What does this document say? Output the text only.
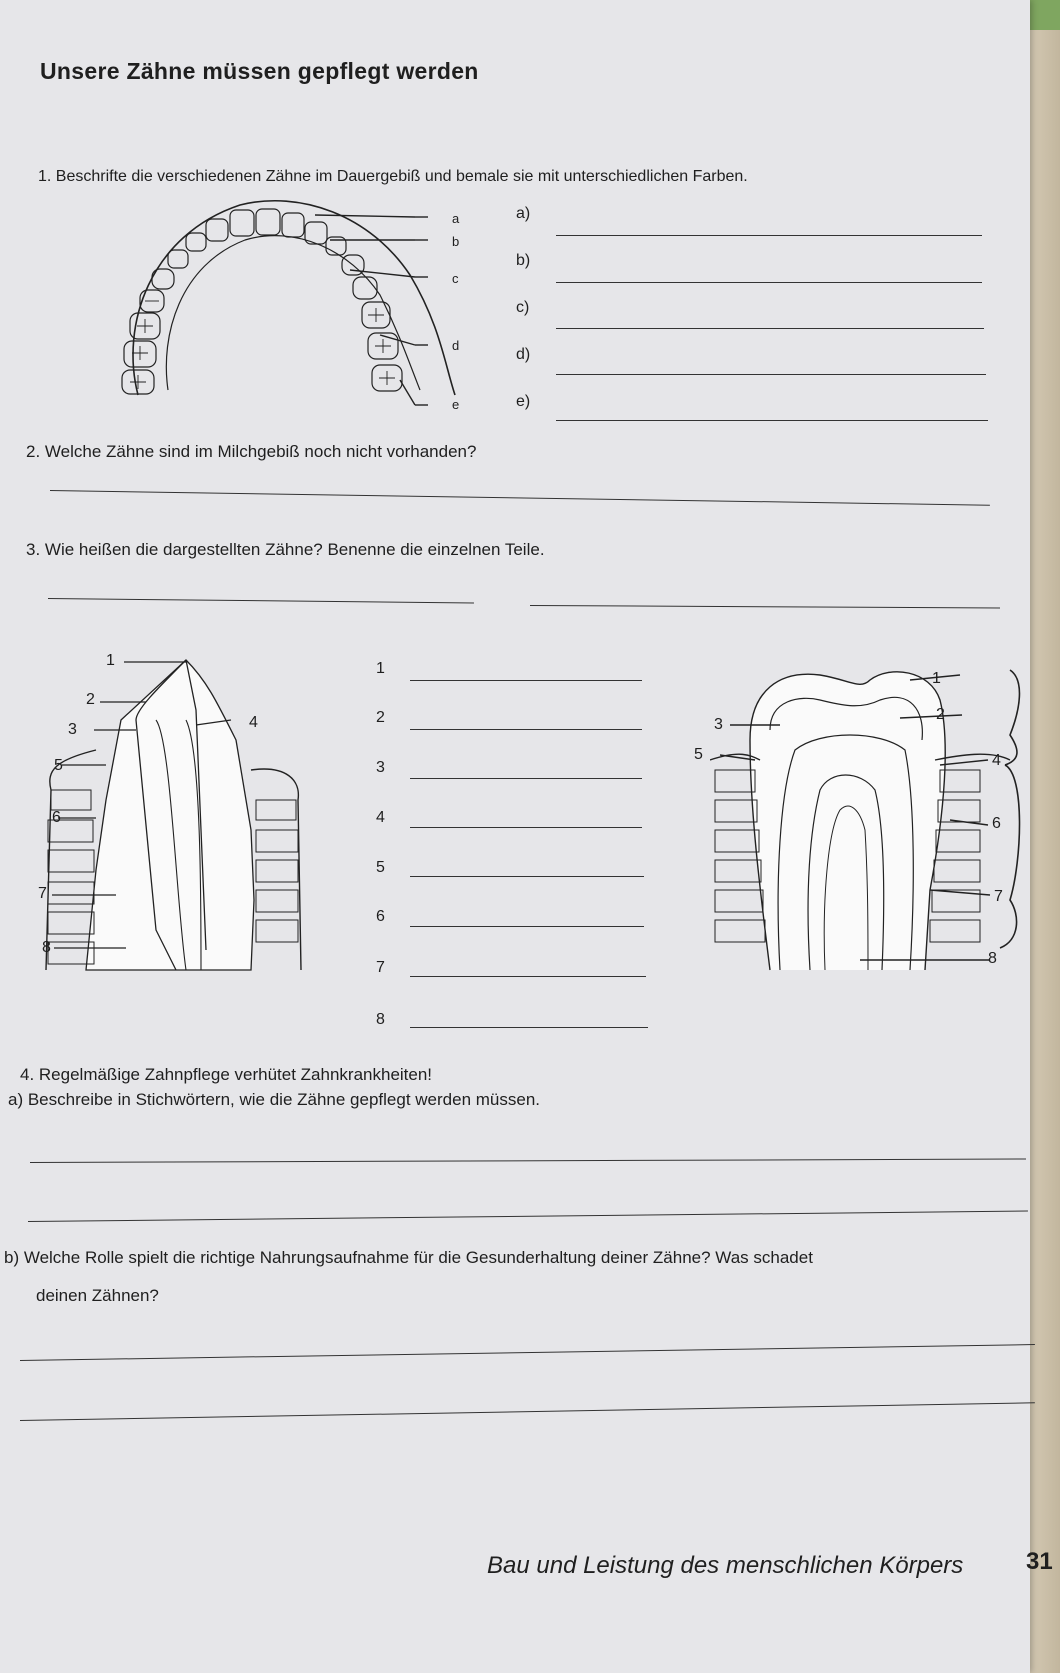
Unsere Zähne müssen gepflegt werden
1. Beschrifte die verschiedenen Zähne im Dauergebiß und bemale sie mit unterschiedlichen Farben.
a
b
c
d
e
a)
b)
c)
d)
e)
2. Welche Zähne sind im Milchgebiß noch nicht vorhanden?
3. Wie heißen die dargestellten Zähne? Benenne die einzelnen Teile.
1
2
3	4
5
6
7
8
1
2
3
4
5
6
7
8
1
2
3
4
5
6
7
8
4. Regelmäßige Zahnpflege verhütet Zahnkrankheiten!
a) Beschreibe in Stichwörtern, wie die Zähne gepflegt werden müssen.
b) Welche Rolle spielt die richtige Nahrungsaufnahme für die Gesunderhaltung deiner Zähne? Was schadet
deinen Zähnen?
Bau und Leistung des menschlichen Körpers	31
